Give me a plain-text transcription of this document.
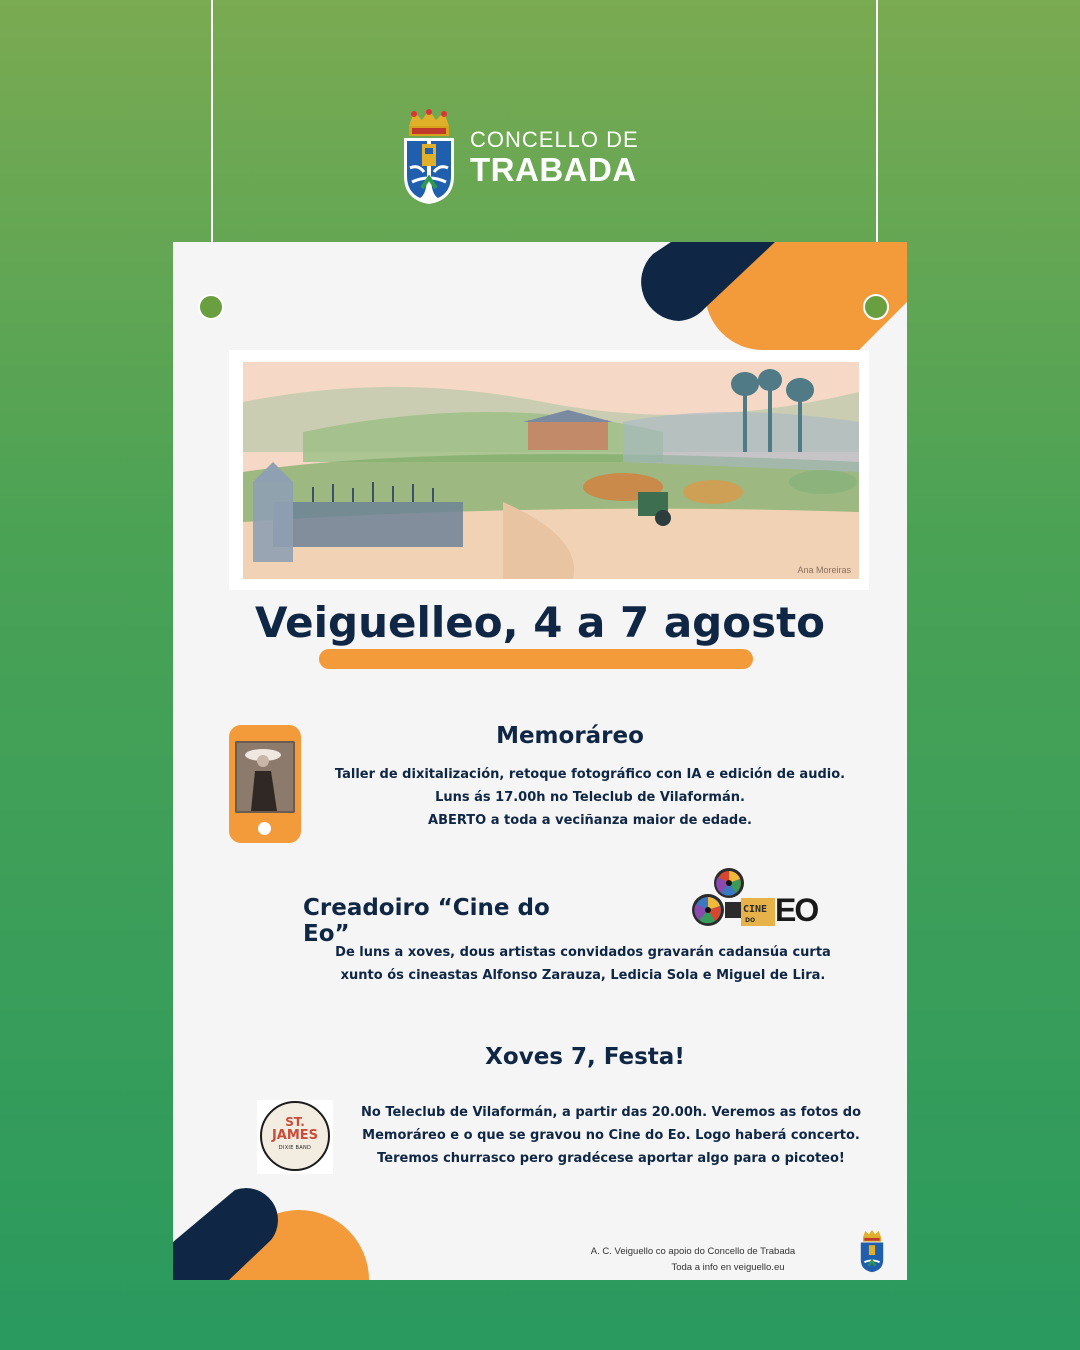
CONCELLO DE
TRABADA
Ana Moreiras
Veiguelleo, 4 a 7 agosto
Memoráreo
Taller de dixitalización, retoque fotográfico con IA e edición de audio.
Luns ás 17.00h no Teleclub de Vilaformán.
ABERTO a toda a veciñanza maior de edade.
Creadoiro “Cine do Eo”
CINE
DO EO
De luns a xoves, dous artistas convidados gravarán cadansúa curta
xunto ós cineastas Alfonso Zarauza, Ledicia Sola e Miguel de Lira.
Xoves 7, Festa!
ST.
JAMES
DIXIE BAND
No Teleclub de Vilaformán, a partir das 20.00h. Veremos as fotos do
Memoráreo e o que se gravou no Cine do Eo. Logo haberá concerto.
Teremos churrasco pero gradécese aportar algo para o picoteo!
A. C. Veiguello co apoio do Concello de Trabada
Toda a info en veiguello.eu
